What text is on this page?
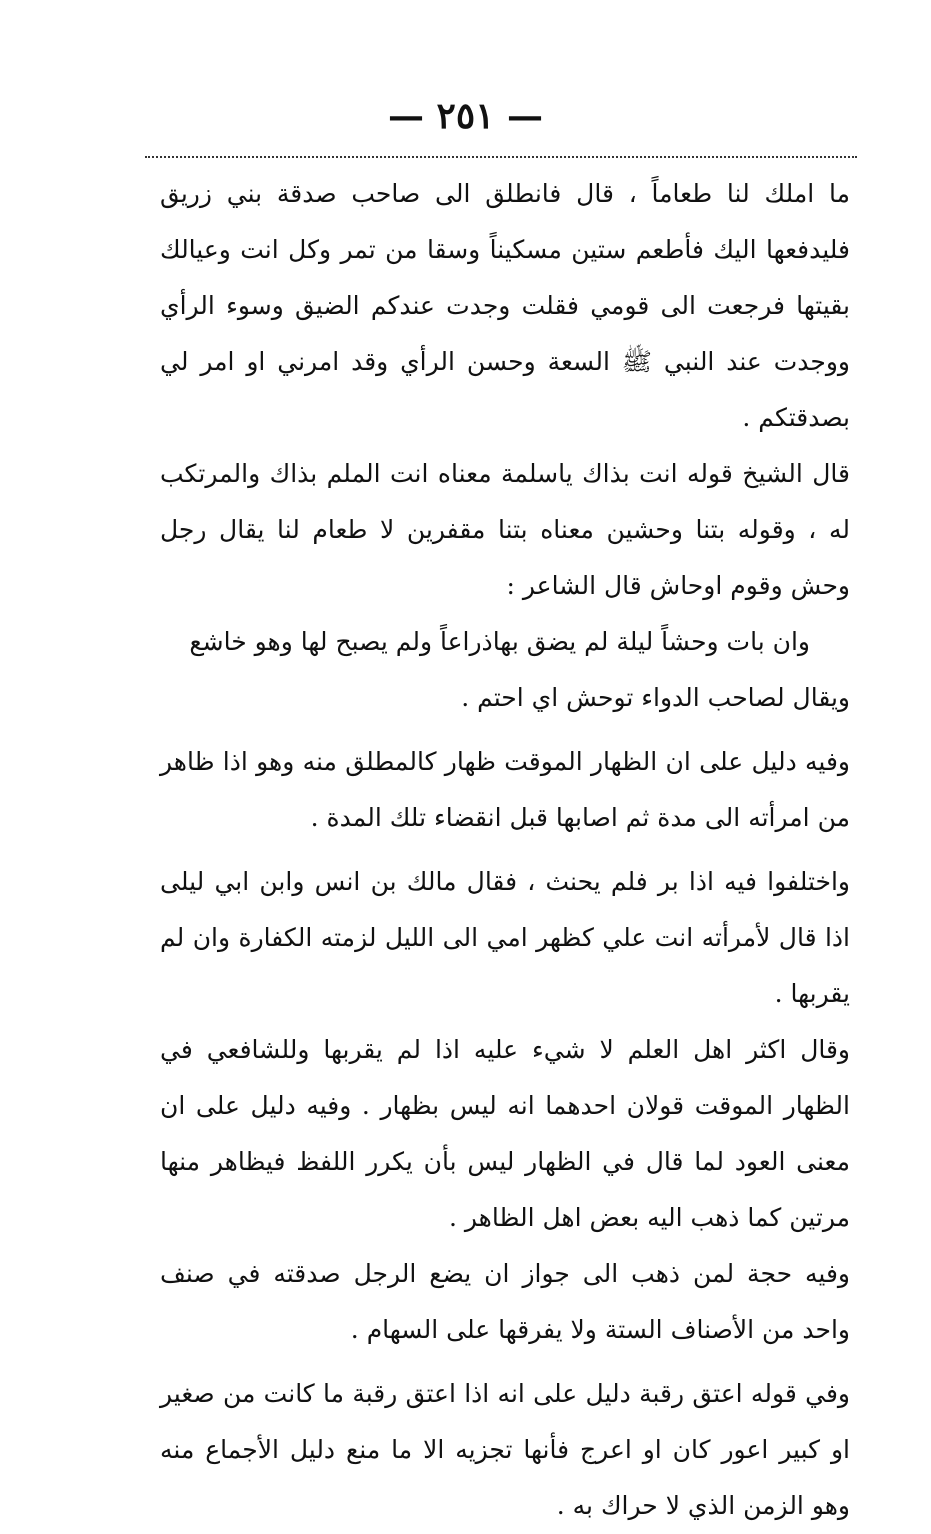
— ٢٥١ —

ما املك لنا طعاماً ، قال فانطلق الى صاحب صدقة بني زريق فليدفعها اليك فأطعم ستين مسكيناً وسقا من تمر وكل انت وعيالك بقيتها فرجعت الى قومي فقلت وجدت عندكم الضيق وسوء الرأي ووجدت عند النبي ﷺ السعة وحسن الرأي وقد امرني او امر لي بصدقتكم .

قال الشيخ قوله انت بذاك ياسلمة معناه انت الملم بذاك والمرتكب له ، وقوله بتنا وحشين معناه بتنا مقفرين لا طعام لنا يقال رجل وحش وقوم اوحاش قال الشاعر :

وان بات وحشاً ليلة لم يضق بها
ذراعاً ولم يصبح لها وهو خاشع

ويقال لصاحب الدواء توحش اي احتم .

وفيه دليل على ان الظهار الموقت ظهار كالمطلق منه وهو اذا ظاهر من امرأته الى مدة ثم اصابها قبل انقضاء تلك المدة .

واختلفوا فيه اذا بر فلم يحنث ، فقال مالك بن انس وابن ابي ليلى اذا قال لأمرأته انت علي كظهر امي الى الليل لزمته الكفارة وان لم يقربها .

وقال اكثر اهل العلم لا شيء عليه اذا لم يقربها وللشافعي في الظهار الموقت قولان احدهما انه ليس بظهار . وفيه دليل على ان معنى العود لما قال في الظهار ليس بأن يكرر اللفظ فيظاهر منها مرتين كما ذهب اليه بعض اهل الظاهر .

وفيه حجة لمن ذهب الى جواز ان يضع الرجل صدقته في صنف واحد من الأصناف الستة ولا يفرقها على السهام .

وفي قوله اعتق رقبة دليل على انه اذا اعتق رقبة ما كانت من صغير او كبير اعور كان او اعرج فأنها تجزيه الا ما منع دليل الأجماع منه وهو الزمن الذي لا حراك به .
